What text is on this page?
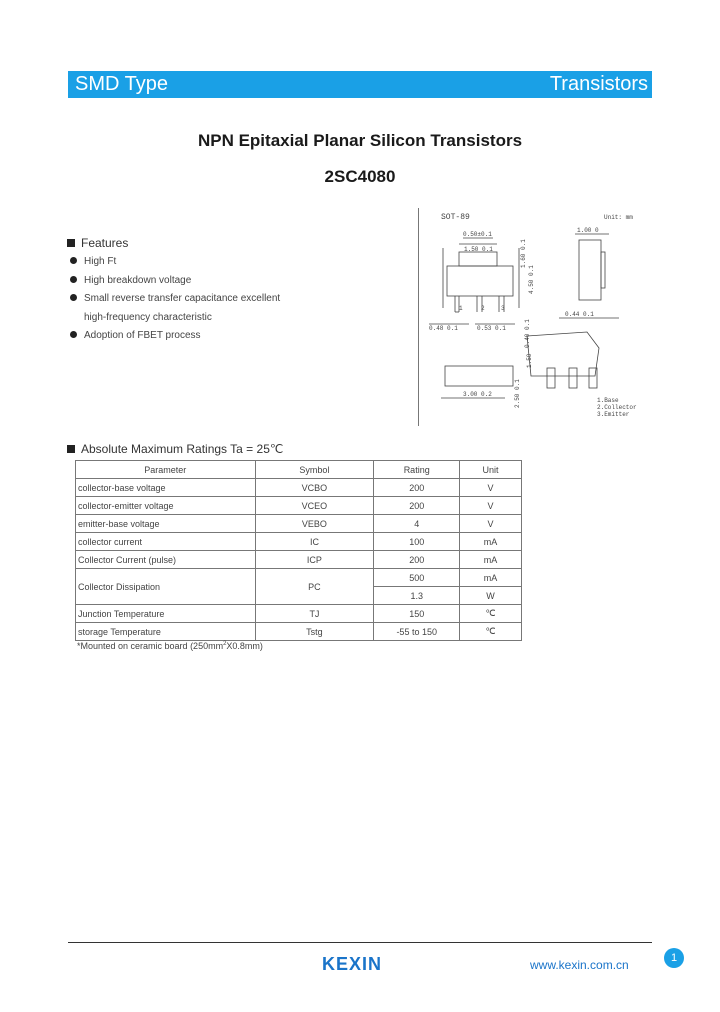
SMD Type	Transistors
NPN Epitaxial Planar Silicon Transistors
2SC4080
Features
High Ft
High breakdown voltage
Small reverse transfer capacitance excellent
high-frequency characteristic
Adoption of FBET process
SOT-89	Unit: mm
0.50±0.1
1.50 0.1	1.60 0.1
4.50 0.1
0.48 0.1	0.53 0.1
1	2	3
1.00 0
0.44 0.1
0.40 0.1
1.50
3.00 0.2	2.50 0.1	1.Base
2.Collector
3.Emitter
Absolute Maximum Ratings Ta = 25℃
Parameter	Symbol	Rating	Unit
collector-base voltage	VCBO	200	V
collector-emitter voltage	VCEO	200	V
emitter-base voltage	VEBO	4	V
collector current	IC	100	mA
Collector Current (pulse)	ICP	200	mA
Collector Dissipation	PC	500	mA
		1.3	W
Junction Temperature	TJ	150	℃
storage Temperature	Tstg	-55 to 150	℃
*Mounted on ceramic board $(250mm^2X0.8mm)$
KEXIN	www.kexin.com.cn	1
